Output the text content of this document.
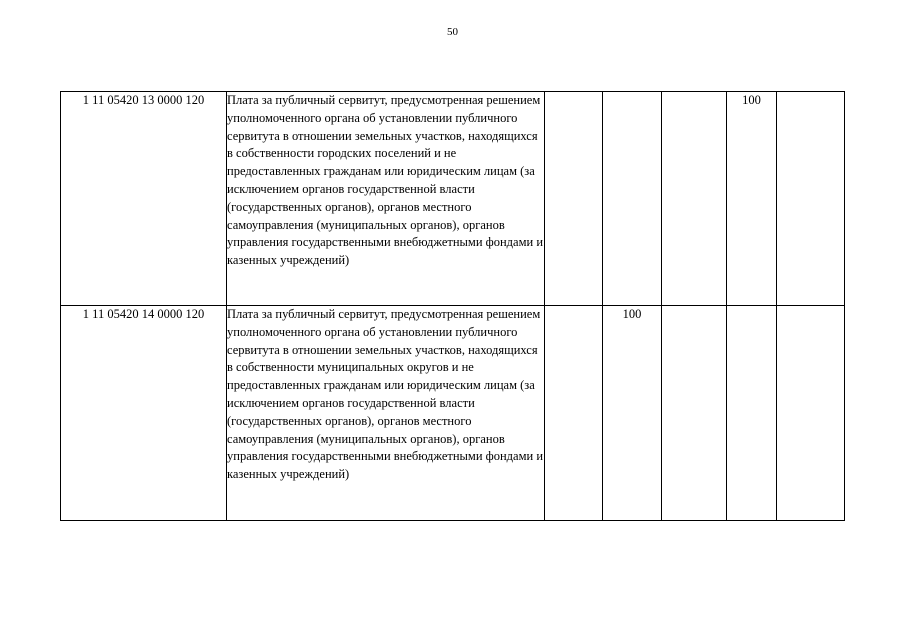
50
1 11 05420 13 0000 120	Плата за публичный сервитут, предусмотренная решением уполномоченного органа об установлении публичного сервитута в отношении земельных участков, находящихся в собственности городских поселений и не предоставленных гражданам или юридическим лицам (за исключением органов государственной власти (государственных органов), органов местного самоуправления (муниципальных органов), органов управления государственными внебюджетными фондами и казенных учреждений)				100	
1 11 05420 14 0000 120	Плата за публичный сервитут, предусмотренная решением уполномоченного органа об установлении публичного сервитута в отношении земельных участков, находящихся в собственности муниципальных округов и не предоставленных гражданам или юридическим лицам (за исключением органов государственной власти (государственных органов), органов местного самоуправления (муниципальных органов), органов управления государственными внебюджетными фондами и казенных учреждений)		100			
